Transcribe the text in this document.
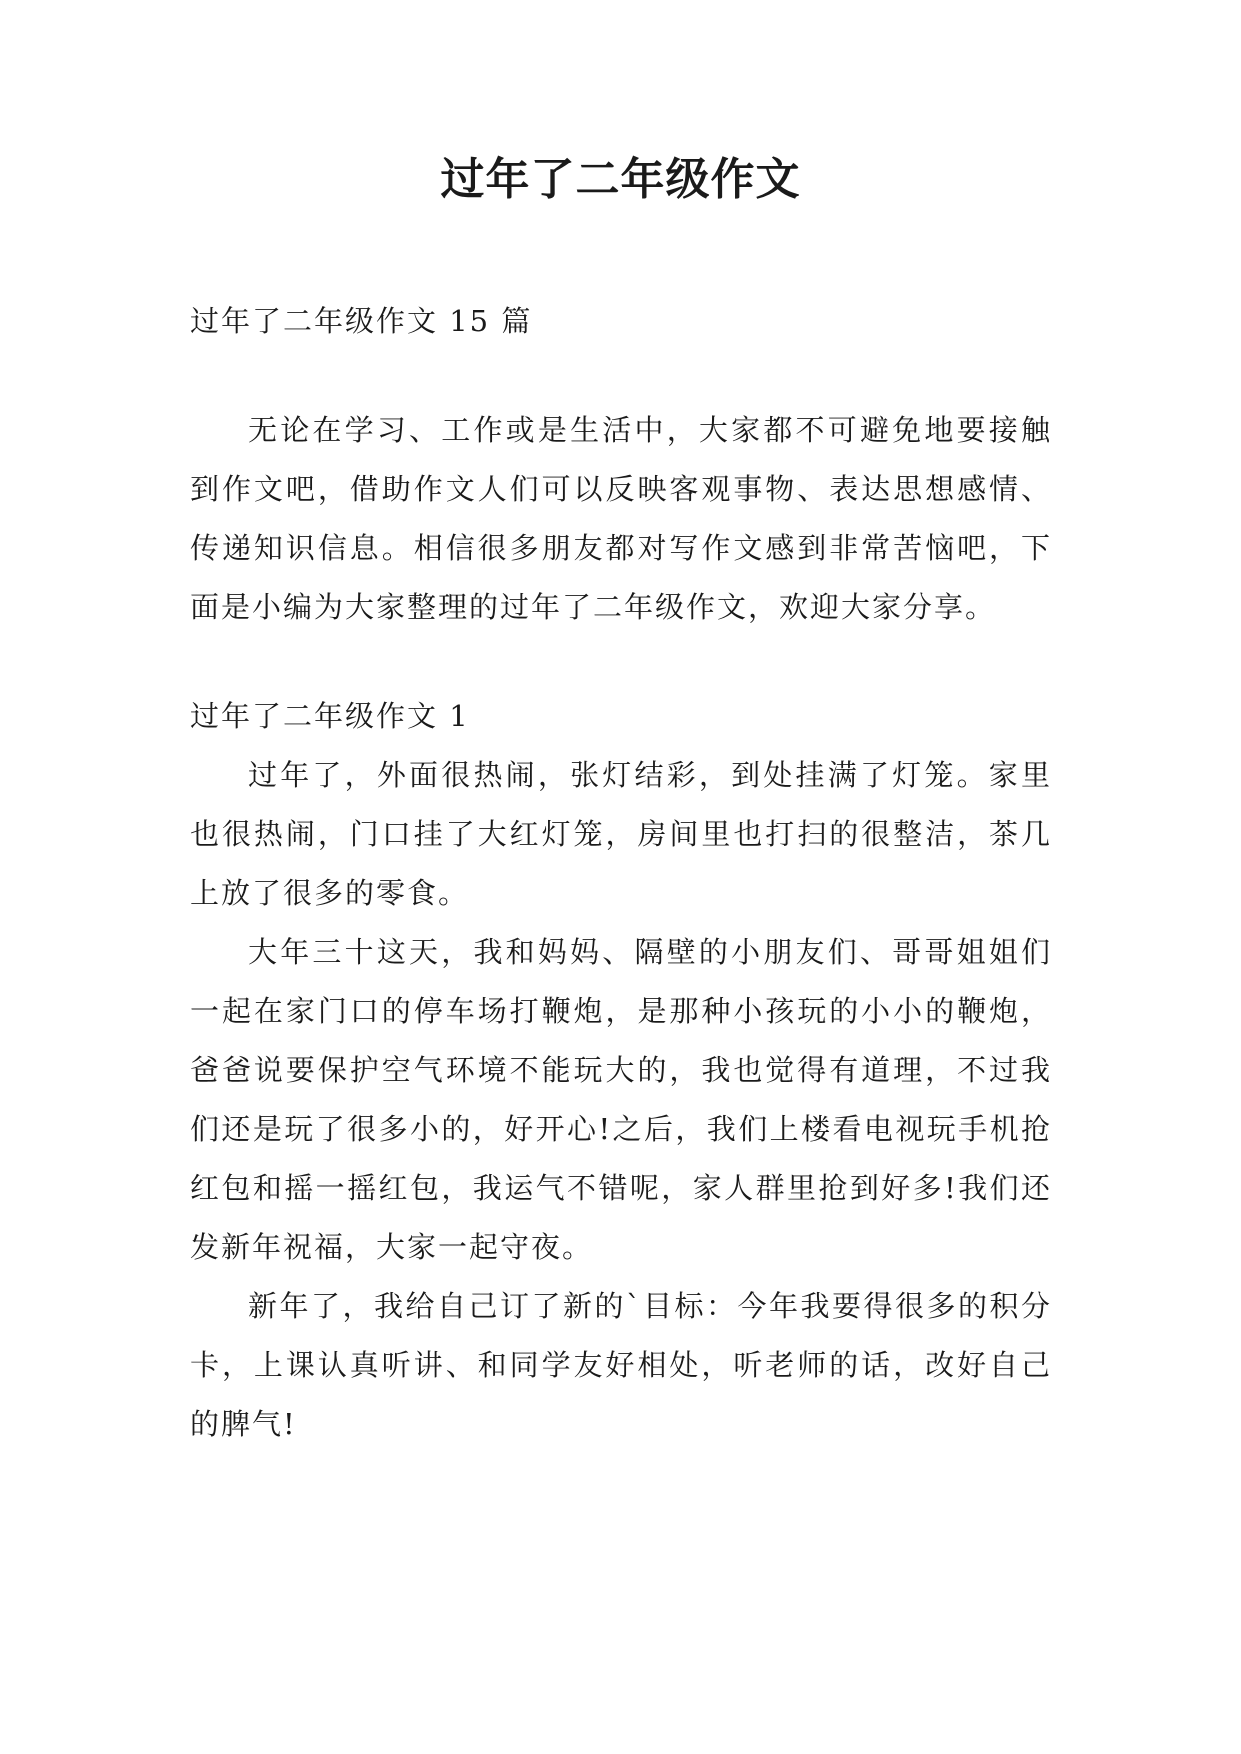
过年了二年级作文

过年了二年级作文 15 篇

无论在学习、工作或是生活中，大家都不可避免地要接触到作文吧，借助作文人们可以反映客观事物、表达思想感情、传递知识信息。相信很多朋友都对写作文感到非常苦恼吧，下面是小编为大家整理的过年了二年级作文，欢迎大家分享。

过年了二年级作文 1

过年了，外面很热闹，张灯结彩，到处挂满了灯笼。家里也很热闹，门口挂了大红灯笼，房间里也打扫的很整洁，茶几上放了很多的零食。

大年三十这天，我和妈妈、隔壁的小朋友们、哥哥姐姐们一起在家门口的停车场打鞭炮，是那种小孩玩的小小的鞭炮，爸爸说要保护空气环境不能玩大的，我也觉得有道理，不过我们还是玩了很多小的，好开心!之后，我们上楼看电视玩手机抢红包和摇一摇红包，我运气不错呢，家人群里抢到好多!我们还发新年祝福，大家一起守夜。

新年了，我给自己订了新的`目标：今年我要得很多的积分卡，上课认真听讲、和同学友好相处，听老师的话，改好自己的脾气!
